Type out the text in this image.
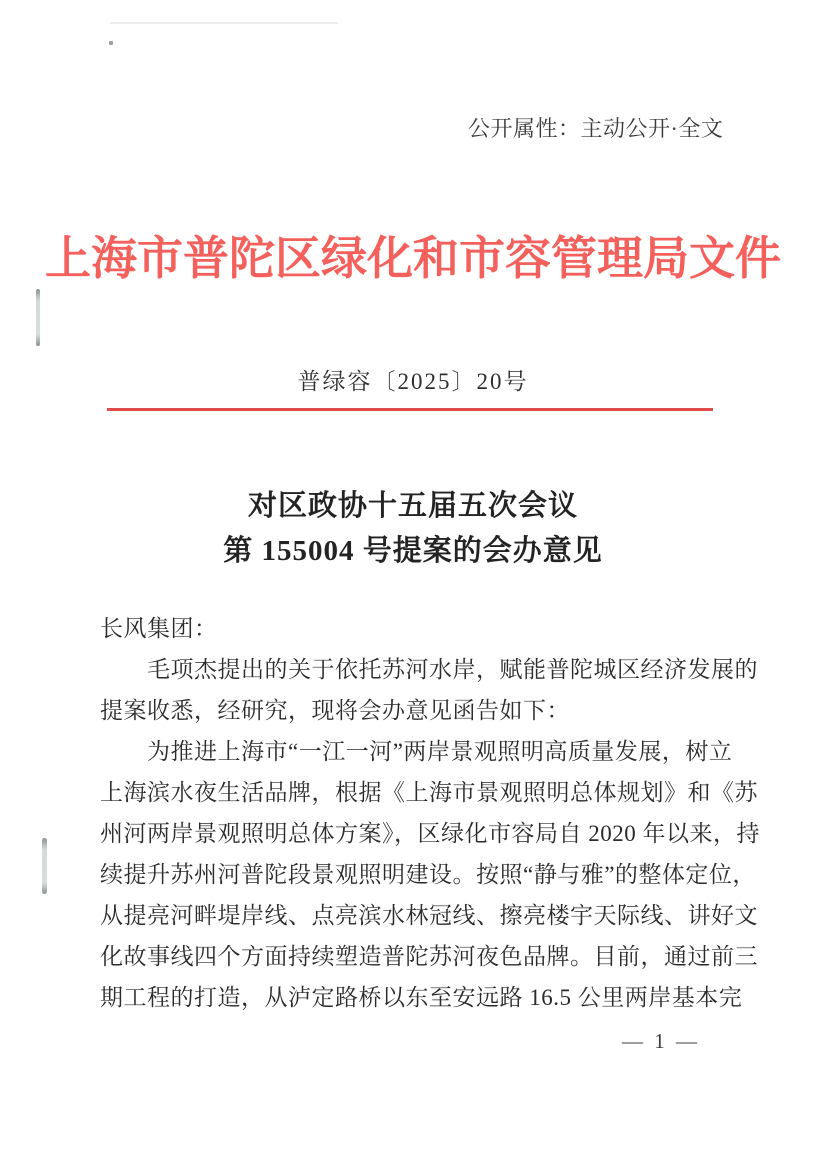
公开属性：主动公开·全文
上海市普陀区绿化和市容管理局文件
普绿容〔2025〕20号
对区政协十五届五次会议
第 155004 号提案的会办意见
长风集团：
毛项杰提出的关于依托苏河水岸，赋能普陀城区经济发展的
提案收悉，经研究，现将会办意见函告如下：
为推进上海市“一江一河”两岸景观照明高质量发展，树立
上海滨水夜生活品牌，根据《上海市景观照明总体规划》和《苏
州河两岸景观照明总体方案》，区绿化市容局自 2020 年以来，持
续提升苏州河普陀段景观照明建设。按照“静与雅”的整体定位，
从提亮河畔堤岸线、点亮滨水林冠线、擦亮楼宇天际线、讲好文
化故事线四个方面持续塑造普陀苏河夜色品牌。目前，通过前三
期工程的打造，从泸定路桥以东至安远路 16.5 公里两岸基本完
— 1 —
